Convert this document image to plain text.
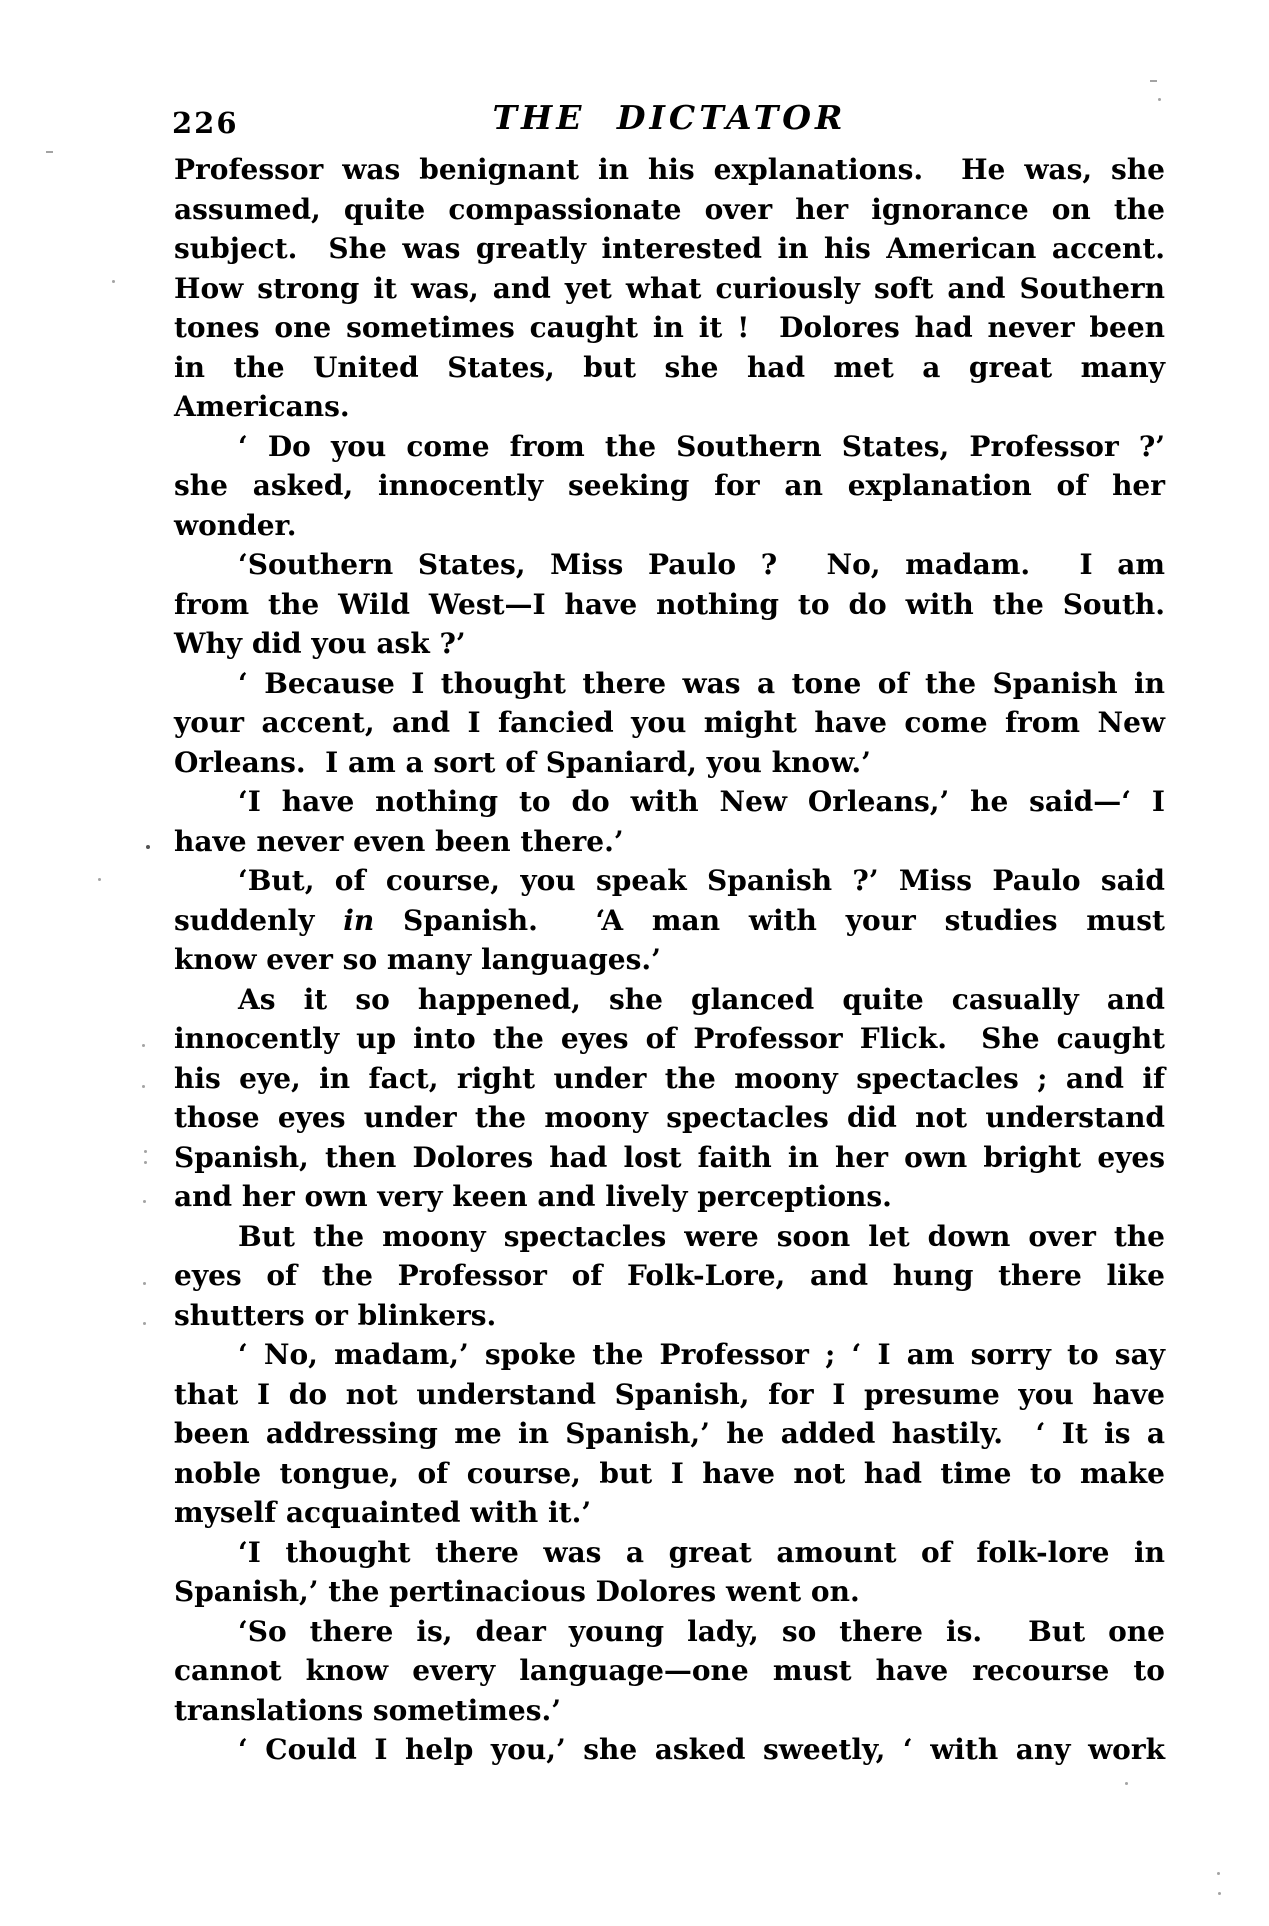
226	THE DICTATOR
Professor was benignant in his explanations.  He was, she
assumed, quite compassionate over her ignorance on the
subject.  She was greatly interested in his American accent.
How strong it was, and yet what curiously soft and Southern
tones one sometimes caught in it !  Dolores had never been
in the United States, but she had met a great many
Americans.
‘ Do you come from the Southern States, Professor ?’
she asked, innocently seeking for an explanation of her
wonder.
‘Southern States, Miss Paulo ?  No, madam.  I am
from the Wild West—I have nothing to do with the South.
Why did you ask ?’
‘ Because I thought there was a tone of the Spanish in
your accent, and I fancied you might have come from New
Orleans.  I am a sort of Spaniard, you know.’
‘I have nothing to do with New Orleans,’ he said—‘ I
have never even been there.’
‘But, of course, you speak Spanish ?’ Miss Paulo said
suddenly in Spanish.  ‘A man with your studies must
know ever so many languages.’
As it so happened, she glanced quite casually and
innocently up into the eyes of Professor Flick.  She caught
his eye, in fact, right under the moony spectacles ; and if
those eyes under the moony spectacles did not understand
Spanish, then Dolores had lost faith in her own bright eyes
and her own very keen and lively perceptions.
But the moony spectacles were soon let down over the
eyes of the Professor of Folk-Lore, and hung there like
shutters or blinkers.
‘ No, madam,’ spoke the Professor ; ‘ I am sorry to say
that I do not understand Spanish, for I presume you have
been addressing me in Spanish,’ he added hastily.  ‘ It is a
noble tongue, of course, but I have not had time to make
myself acquainted with it.’
‘I thought there was a great amount of folk-lore in
Spanish,’ the pertinacious Dolores went on.
‘So there is, dear young lady, so there is.  But one
cannot know every language—one must have recourse to
translations sometimes.’
‘ Could I help you,’ she asked sweetly, ‘ with any work
